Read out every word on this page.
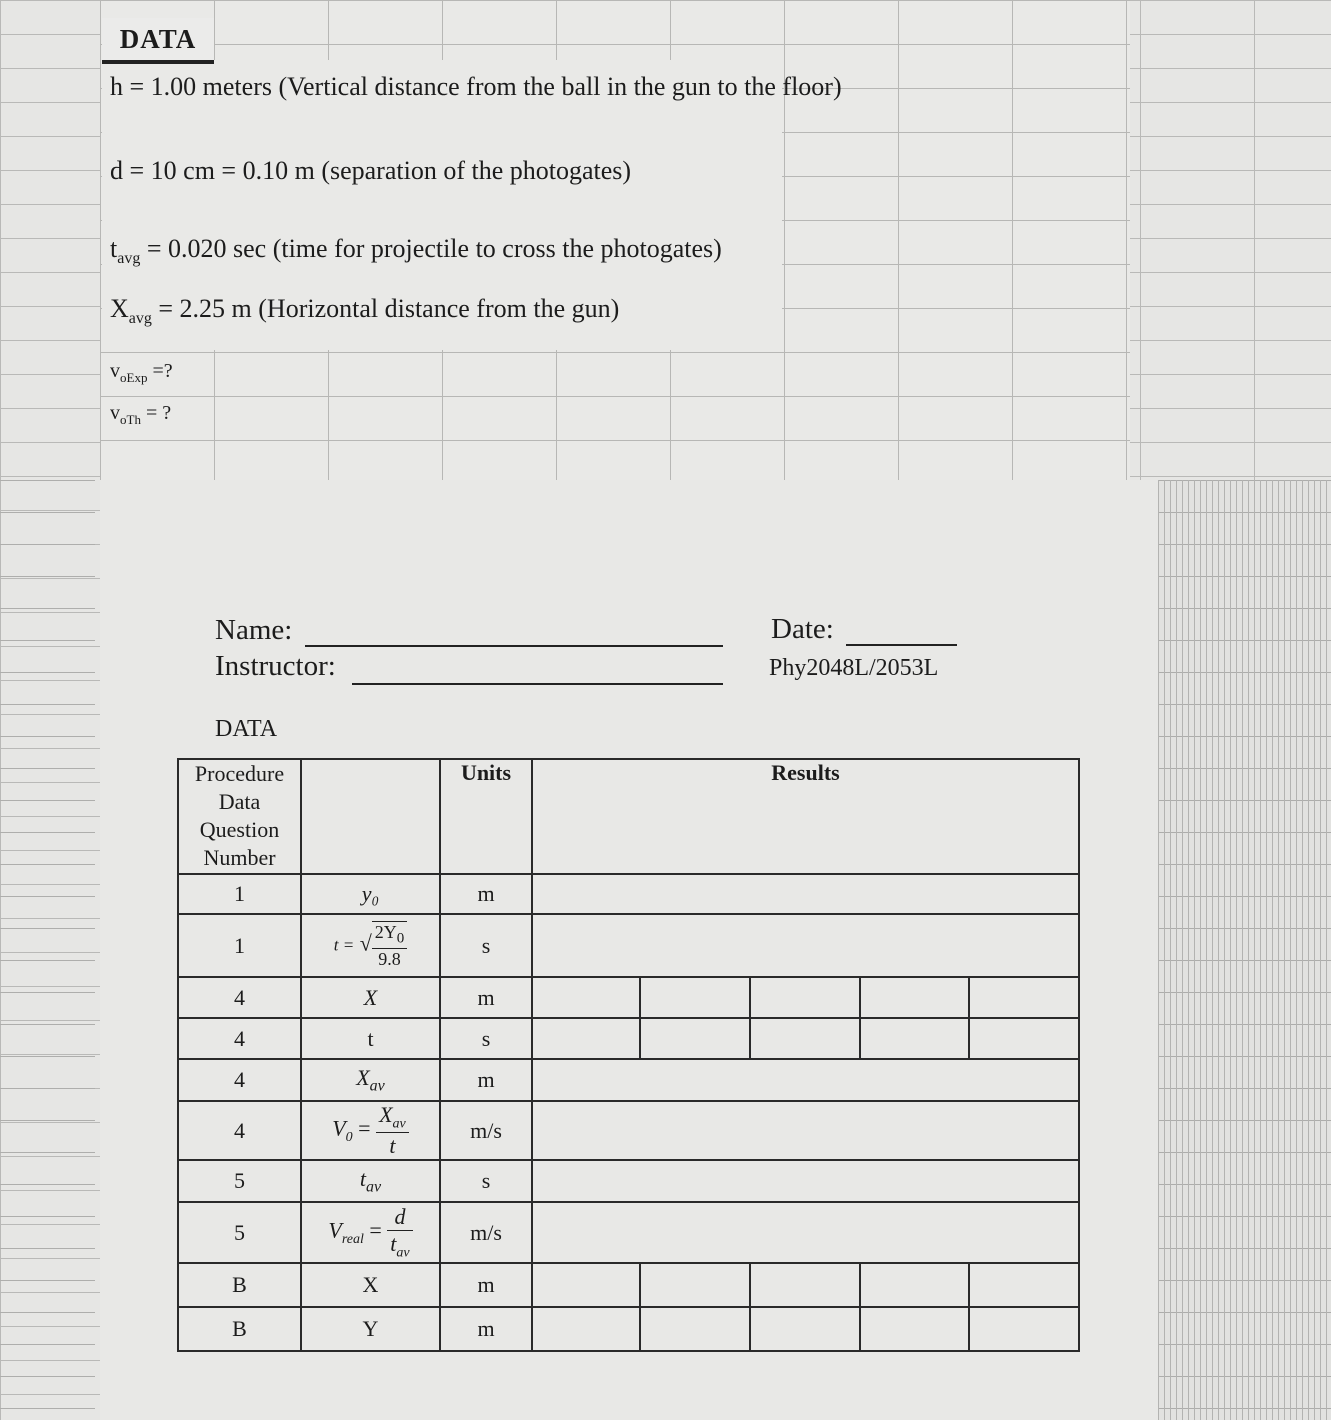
DATA
h = 1.00 meters (Vertical distance from the ball in the gun to the floor)
d = 10 cm = 0.10 m (separation of the photogates)
$t_{avg} = 0.020$ sec (time for projectile to cross the photogates)
$X_{avg} = 2.25$ m (Horizontal distance from the gun)
$v_{oExp}$ =?
$v_{oTh}$ = ?
Name:
Instructor:
Date:
Phy2048L/2053L
DATA
Procedure
Data
Question
Number		Units	Results
1	y₀	m	
1	t = √ $\frac{2Y_0}{9.8}$	s	
4	X	m	

4	t	s	

4	$X_{av}$	m	
4	$V_0 = \frac{X_{av}}{t}$	m/s	
5	$t_{av}$	s	
5	$V_{real} = \frac{d}{t_{av}}$	m/s	
B	X	m	

B	Y	m	
